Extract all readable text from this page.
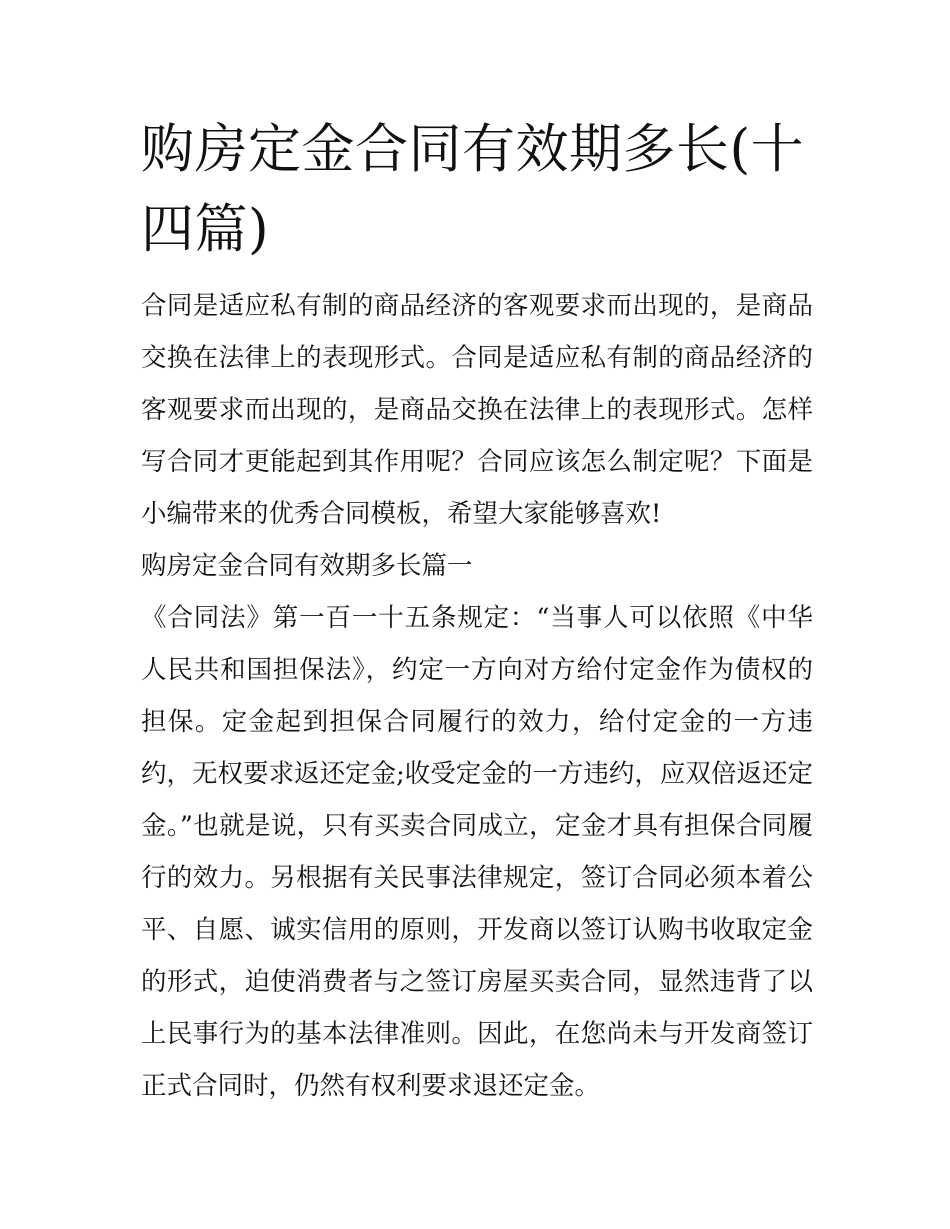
购房定金合同有效期多长(十四篇)

合同是适应私有制的商品经济的客观要求而出现的，是商品交换在法律上的表现形式。合同是适应私有制的商品经济的客观要求而出现的，是商品交换在法律上的表现形式。怎样写合同才更能起到其作用呢？合同应该怎么制定呢？下面是小编带来的优秀合同模板，希望大家能够喜欢!

购房定金合同有效期多长篇一

《合同法》第一百一十五条规定：“当事人可以依照《中华人民共和国担保法》，约定一方向对方给付定金作为债权的担保。定金起到担保合同履行的效力，给付定金的一方违约，无权要求返还定金;收受定金的一方违约，应双倍返还定金。”也就是说，只有买卖合同成立，定金才具有担保合同履行的效力。另根据有关民事法律规定，签订合同必须本着公平、自愿、诚实信用的原则，开发商以签订认购书收取定金的形式，迫使消费者与之签订房屋买卖合同，显然违背了以上民事行为的基本法律准则。因此，在您尚未与开发商签订正式合同时，仍然有权利要求退还定金。
